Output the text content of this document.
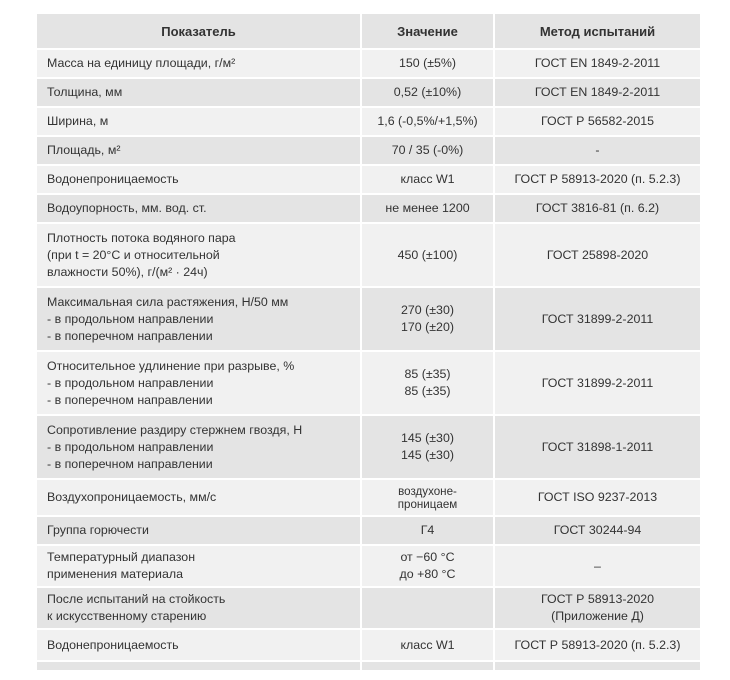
Показатель	Значение	Метод испытаний

Масса на единицу площади, г/м²	150 (±5%)	ГОСТ EN 1849-2-2011

Толщина, мм	0,52 (±10%)	ГОСТ EN 1849-2-2011

Ширина, м	1,6 (-0,5%/+1,5%)	ГОСТ Р 56582-2015

Площадь, м²	70 / 35 (-0%)	-

Водонепроницаемость	класс W1	ГОСТ Р 58913-2020 (п. 5.2.3)

Водоупорность, мм. вод. ст.	не менее 1200	ГОСТ 3816-81 (п. 6.2)

Плотность потока водяного пара
(при t = 20°С и относительной
влажности 50%), г/(м² · 24ч)	450 (±100)	ГОСТ 25898-2020

Максимальная сила растяжения, Н/50 мм
- в продольном направлении
- в поперечном направлении	270 (±30)
170 (±20)	ГОСТ 31899-2-2011

Относительное удлинение при разрыве, %
- в продольном направлении
- в поперечном направлении	85 (±35)
85 (±35)	ГОСТ 31899-2-2011

Сопротивление раздиру стержнем гвоздя, Н
- в продольном направлении
- в поперечном направлении	145 (±30)
145 (±30)	ГОСТ 31898-1-2011

Воздухопроницаемость, мм/с	воздухоне-
проницаем	ГОСТ ISO 9237-2013

Группа горючести	Г4	ГОСТ 30244-94

Температурный диапазон
применения материала	от −60 °С
до +80 °С	–

После испытаний на стойкость
к искусственному старению		ГОСТ Р 58913-2020
(Приложение Д)

Водонепроницаемость	класс W1	ГОСТ Р 58913-2020 (п. 5.2.3)
